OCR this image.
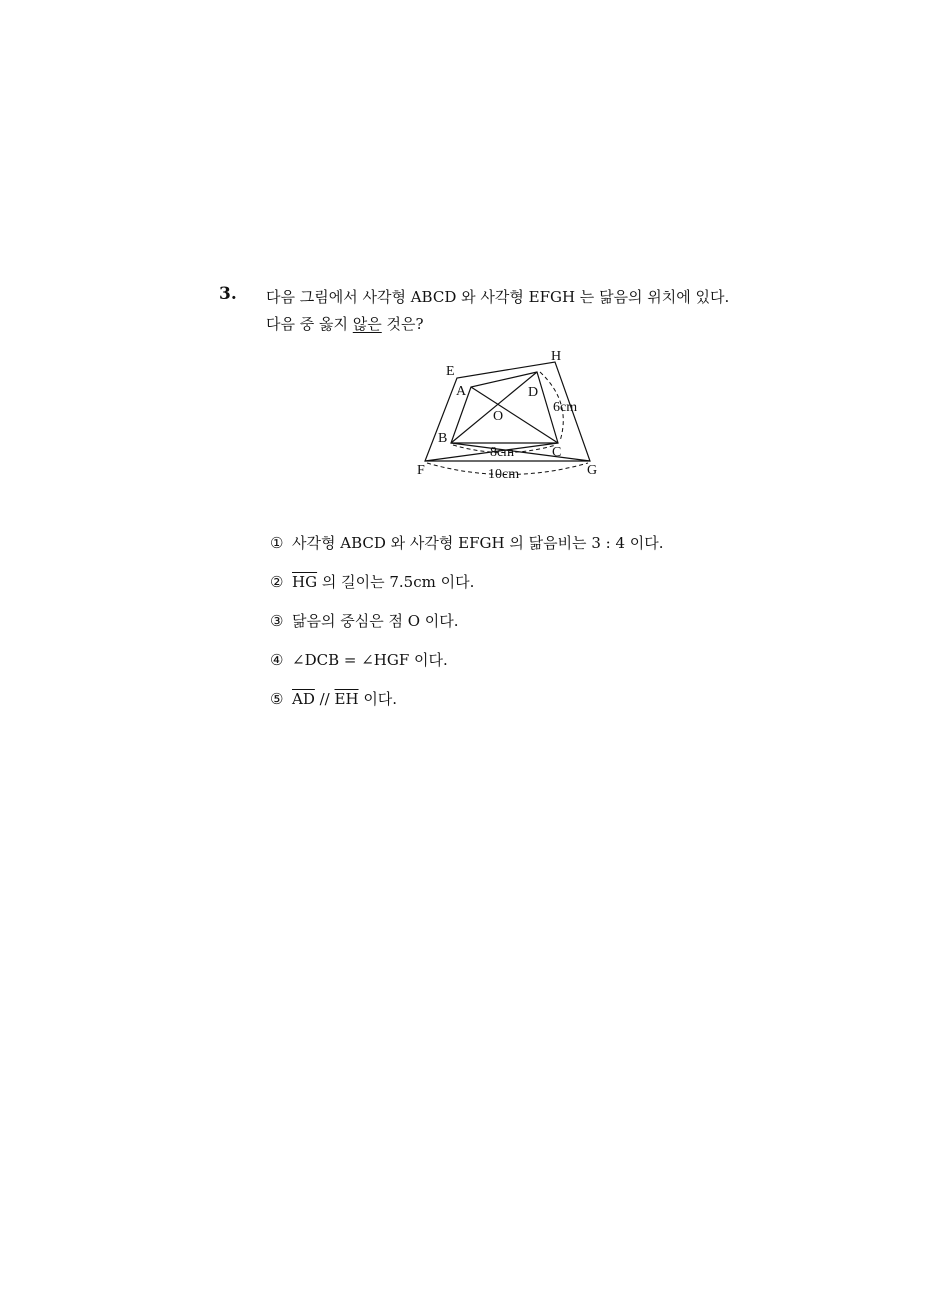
3. 다음 그림에서 사각형 ABCD 와 사각형 EFGH 는 닮음의 위치에 있다.
다음 중 옳지 않은 것은?
E
A
H
D
O
B
C
F	G
8cm
10cm
6cm
① 사각형 ABCD 와 사각형 EFGH 의 닮음비는 3 : 4 이다.
② $\overline{HG}$ 의 길이는 7.5cm 이다.
③ 닮음의 중심은 점 O 이다.
④ ∠DCB = ∠HGF 이다.
⑤ $\overline{AD} // \overline{EH}$ 이다.
